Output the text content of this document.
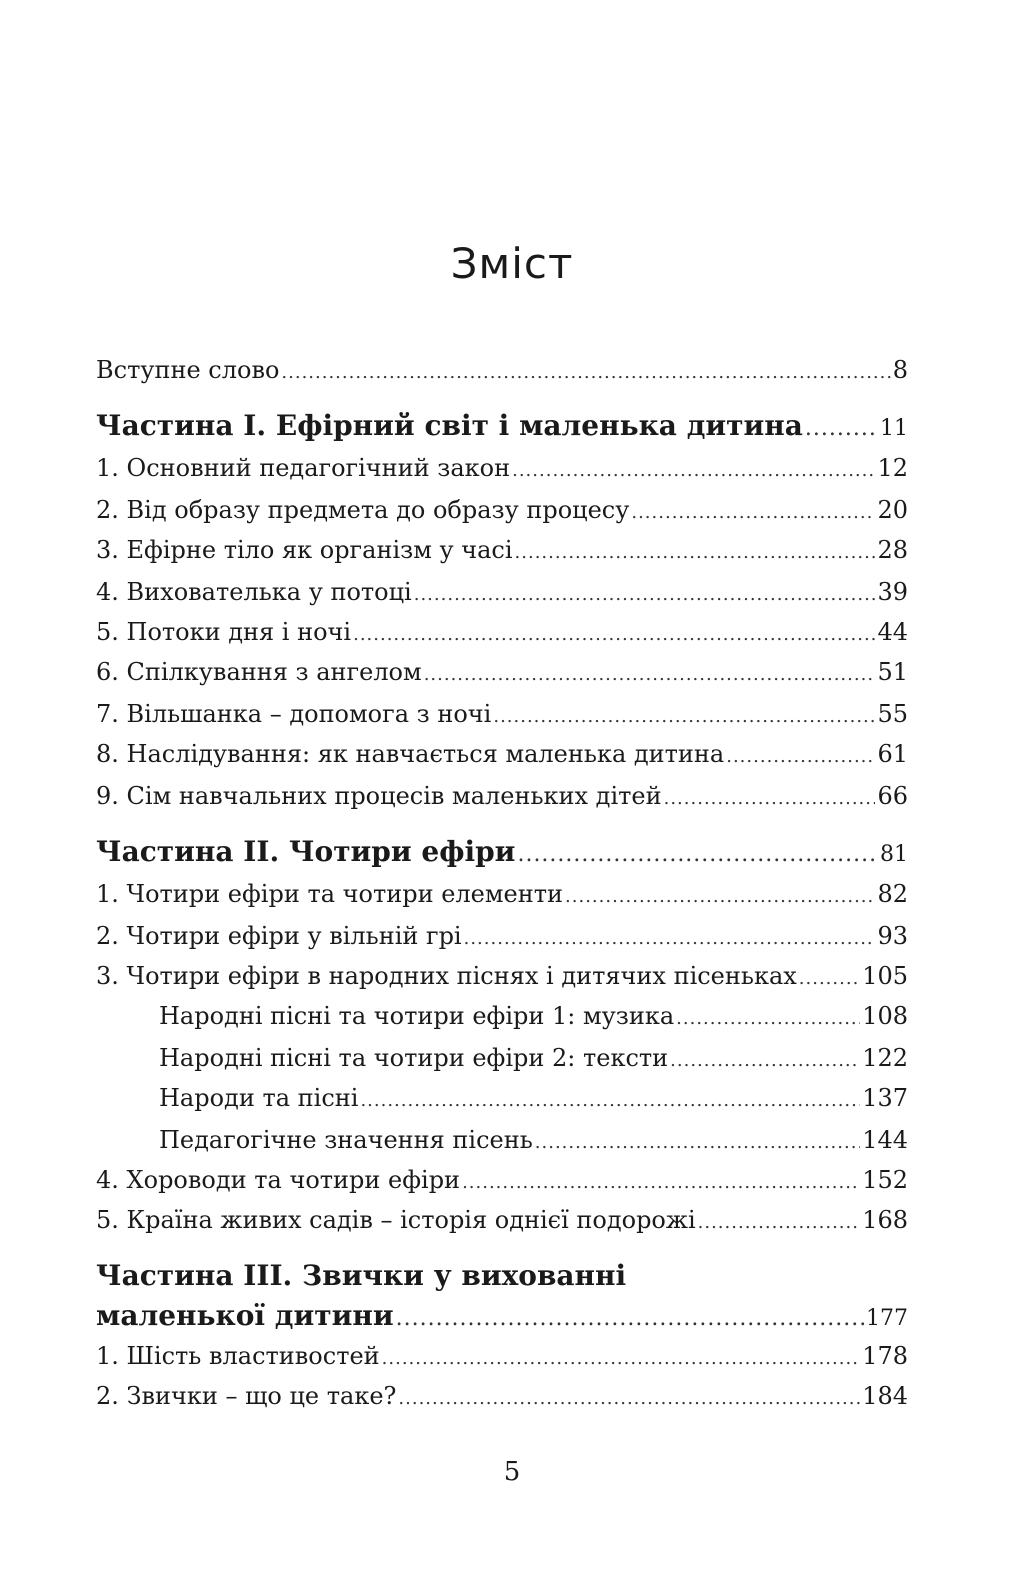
Зміст
Вступне слово .....	8
Частина І. Ефірний світ і маленька дитина .....	11
1. Основний педагогічний закон .....	12
2. Від образу предмета до образу процесу .....	20
3. Ефірне тіло як організм у часі .....	28
4. Вихователька у потоці .....	39
5. Потоки дня і ночі .....	44
6. Спілкування з ангелом .....	51
7. Вільшанка – допомога з ночі .....	55
8. Наслідування: як навчається маленька дитина .....	61
9. Сім навчальних процесів маленьких дітей .....	66
Частина ІІ. Чотири ефіри .....	81
1. Чотири ефіри та чотири елементи .....	82
2. Чотири ефіри у вільній грі .....	93
3. Чотири ефіри в народних піснях і дитячих пісеньках .....	105
Народні пісні та чотири ефіри 1: музика .....	108
Народні пісні та чотири ефіри 2: тексти .....	122
Народи та пісні .....	137
Педагогічне значення пісень .....	144
4. Хороводи та чотири ефіри .....	152
5. Країна живих садів – історія однієї подорожі .....	168
Частина ІІІ. Звички у вихованні
маленької дитини .....	177
1. Шість властивостей .....	178
2. Звички – що це таке? .....	184
5
